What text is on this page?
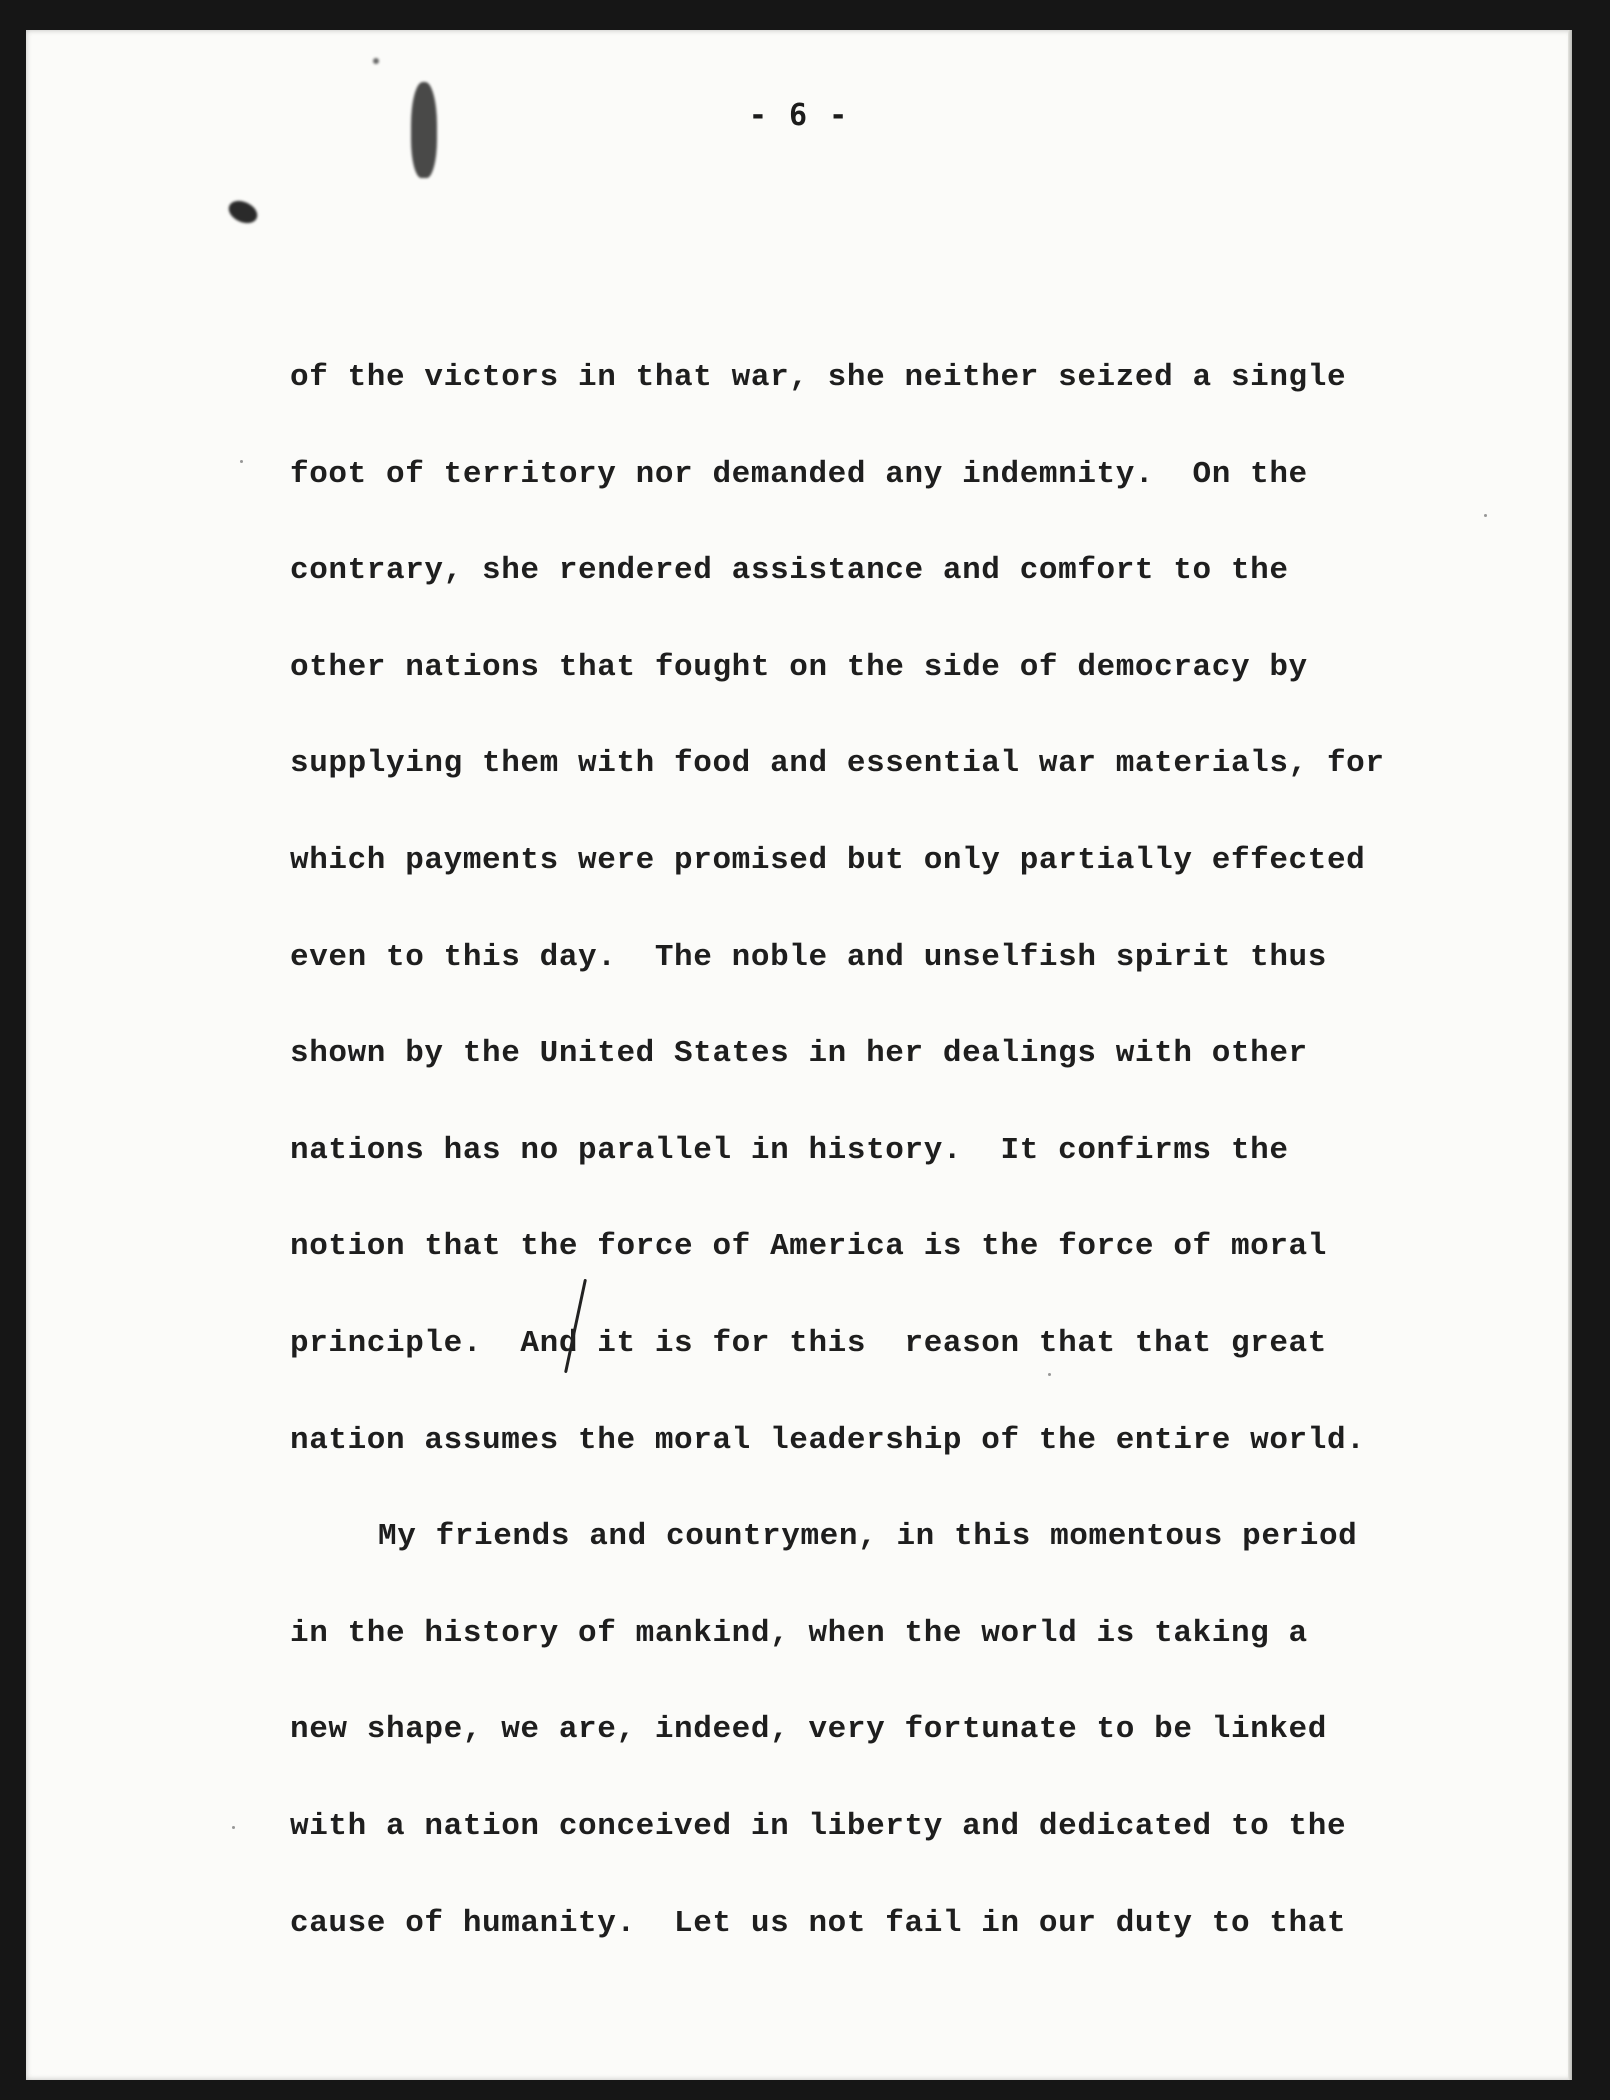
- 6 -
of the victors in that war, she neither seized a single
foot of territory nor demanded any indemnity.  On the
contrary, she rendered assistance and comfort to the
other nations that fought on the side of democracy by
supplying them with food and essential war materials, for
which payments were promised but only partially effected
even to this day.  The noble and unselfish spirit thus
shown by the United States in her dealings with other
nations has no parallel in history.  It confirms the
notion that the force of America is the force of moral
principle.  And it is for this  reason that that great
nation assumes the moral leadership of the entire world.
My friends and countrymen, in this momentous period
in the history of mankind, when the world is taking a
new shape, we are, indeed, very fortunate to be linked
with a nation conceived in liberty and dedicated to the
cause of humanity.  Let us not fail in our duty to that
